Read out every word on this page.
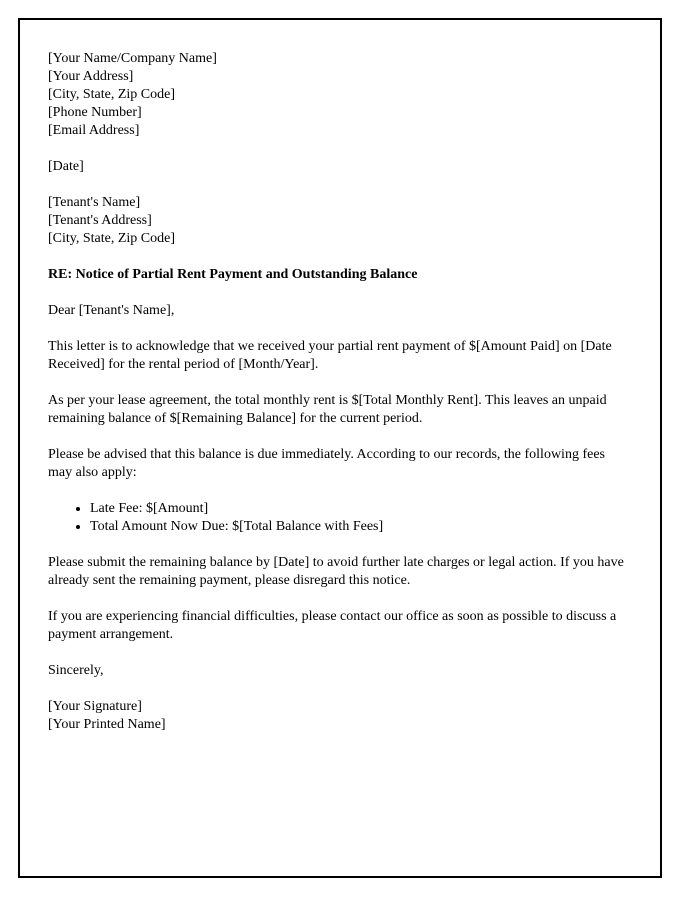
[Your Name/Company Name]
[Your Address]
[City, State, Zip Code]
[Phone Number]
[Email Address]

[Date]

[Tenant's Name]
[Tenant's Address]
[City, State, Zip Code]

RE: Notice of Partial Rent Payment and Outstanding Balance

Dear [Tenant's Name],

This letter is to acknowledge that we received your partial rent payment of $[Amount Paid] on [Date Received] for the rental period of [Month/Year].

As per your lease agreement, the total monthly rent is $[Total Monthly Rent]. This leaves an unpaid remaining balance of $[Remaining Balance] for the current period.

Please be advised that this balance is due immediately. According to our records, the following fees may also apply:

• Late Fee: $[Amount]
• Total Amount Now Due: $[Total Balance with Fees]

Please submit the remaining balance by [Date] to avoid further late charges or legal action. If you have already sent the remaining payment, please disregard this notice.

If you are experiencing financial difficulties, please contact our office as soon as possible to discuss a payment arrangement.

Sincerely,

[Your Signature]
[Your Printed Name]
